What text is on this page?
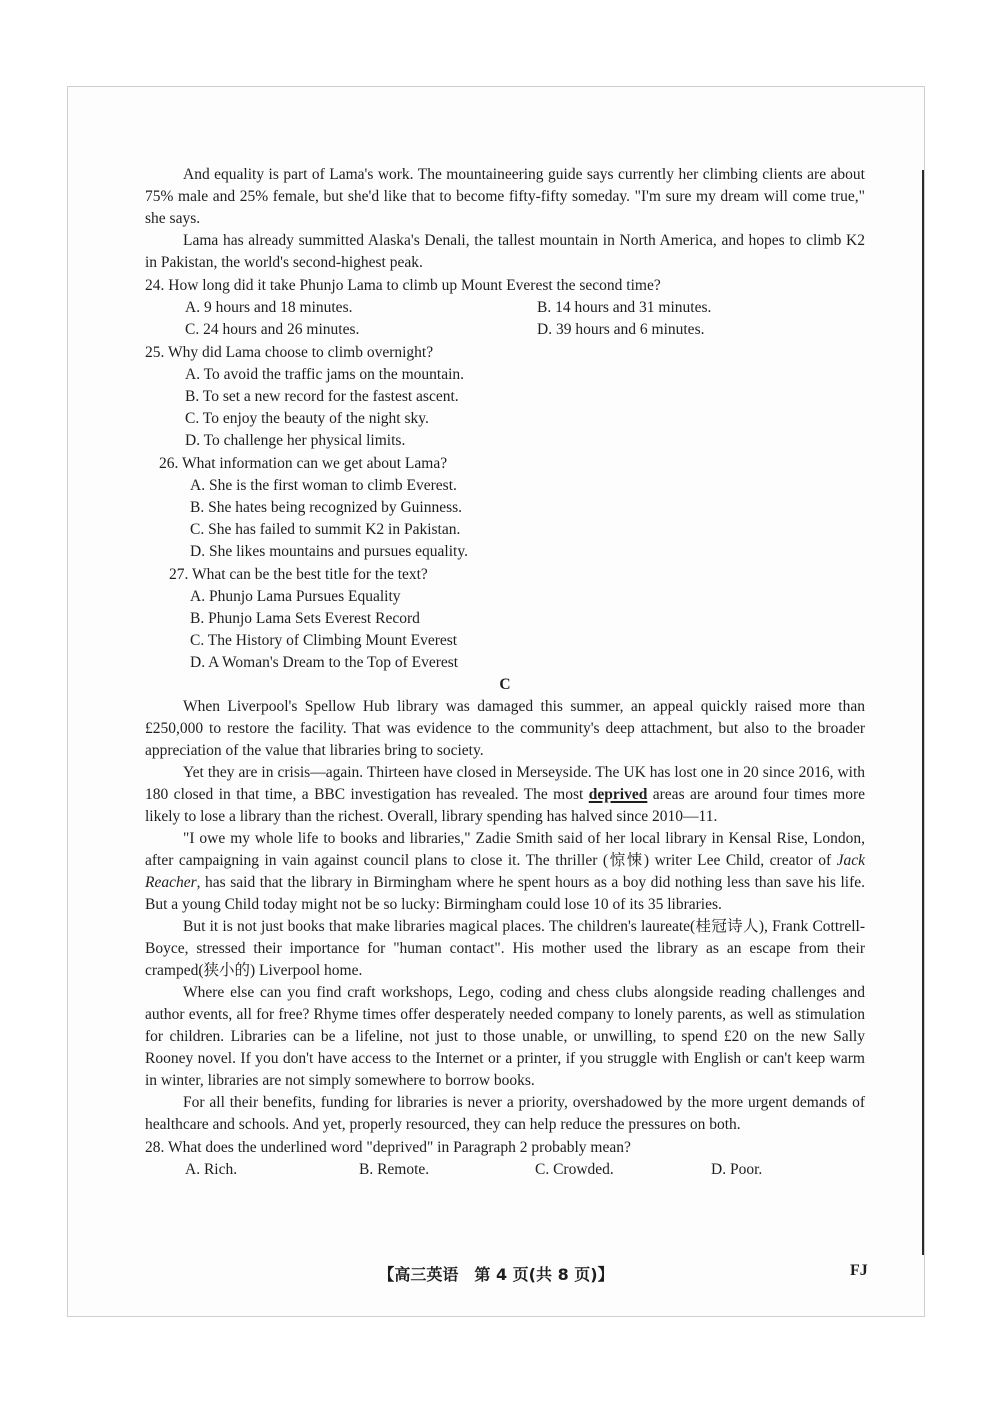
And equality is part of Lama's work. The mountaineering guide says currently her climbing clients are about 75% male and 25% female, but she'd like that to become fifty-fifty someday. "I'm sure my dream will come true," she says.

Lama has already summitted Alaska's Denali, the tallest mountain in North America, and hopes to climb K2 in Pakistan, the world's second-highest peak.

24. How long did it take Phunjo Lama to climb up Mount Everest the second time?

A. 9 hours and 18 minutes.	B. 14 hours and 31 minutes.
C. 24 hours and 26 minutes.	D. 39 hours and 6 minutes.

25. Why did Lama choose to climb overnight?

A. To avoid the traffic jams on the mountain.
B. To set a new record for the fastest ascent.
C. To enjoy the beauty of the night sky.
D. To challenge her physical limits.

26. What information can we get about Lama?

A. She is the first woman to climb Everest.
B. She hates being recognized by Guinness.
C. She has failed to summit K2 in Pakistan.
D. She likes mountains and pursues equality.

27. What can be the best title for the text?

A. Phunjo Lama Pursues Equality
B. Phunjo Lama Sets Everest Record
C. The History of Climbing Mount Everest
D. A Woman's Dream to the Top of Everest
C

When Liverpool's Spellow Hub library was damaged this summer, an appeal quickly raised more than £250,000 to restore the facility. That was evidence to the community's deep attachment, but also to the broader appreciation of the value that libraries bring to society.

Yet they are in crisis—again. Thirteen have closed in Merseyside. The UK has lost one in 20 since 2016, with 180 closed in that time, a BBC investigation has revealed. The most deprived areas are around four times more likely to lose a library than the richest. Overall, library spending has halved since 2010—11.

"I owe my whole life to books and libraries," Zadie Smith said of her local library in Kensal Rise, London, after campaigning in vain against council plans to close it. The thriller (惊悚) writer Lee Child, creator of Jack Reacher, has said that the library in Birmingham where he spent hours as a boy did nothing less than save his life. But a young Child today might not be so lucky: Birmingham could lose 10 of its 35 libraries.

But it is not just books that make libraries magical places. The children's laureate(桂冠诗人), Frank Cottrell-Boyce, stressed their importance for "human contact". His mother used the library as an escape from their cramped(狭小的) Liverpool home.

Where else can you find craft workshops, Lego, coding and chess clubs alongside reading challenges and author events, all for free? Rhyme times offer desperately needed company to lonely parents, as well as stimulation for children. Libraries can be a lifeline, not just to those unable, or unwilling, to spend £20 on the new Sally Rooney novel. If you don't have access to the Internet or a printer, if you struggle with English or can't keep warm in winter, libraries are not simply somewhere to borrow books.

For all their benefits, funding for libraries is never a priority, overshadowed by the more urgent demands of healthcare and schools. And yet, properly resourced, they can help reduce the pressures on both.

28. What does the underlined word "deprived" in Paragraph 2 probably mean?

A. Rich.	B. Remote.	C. Crowded.	D. Poor.
【高三英语　第 4 页(共 8 页)】	FJ
